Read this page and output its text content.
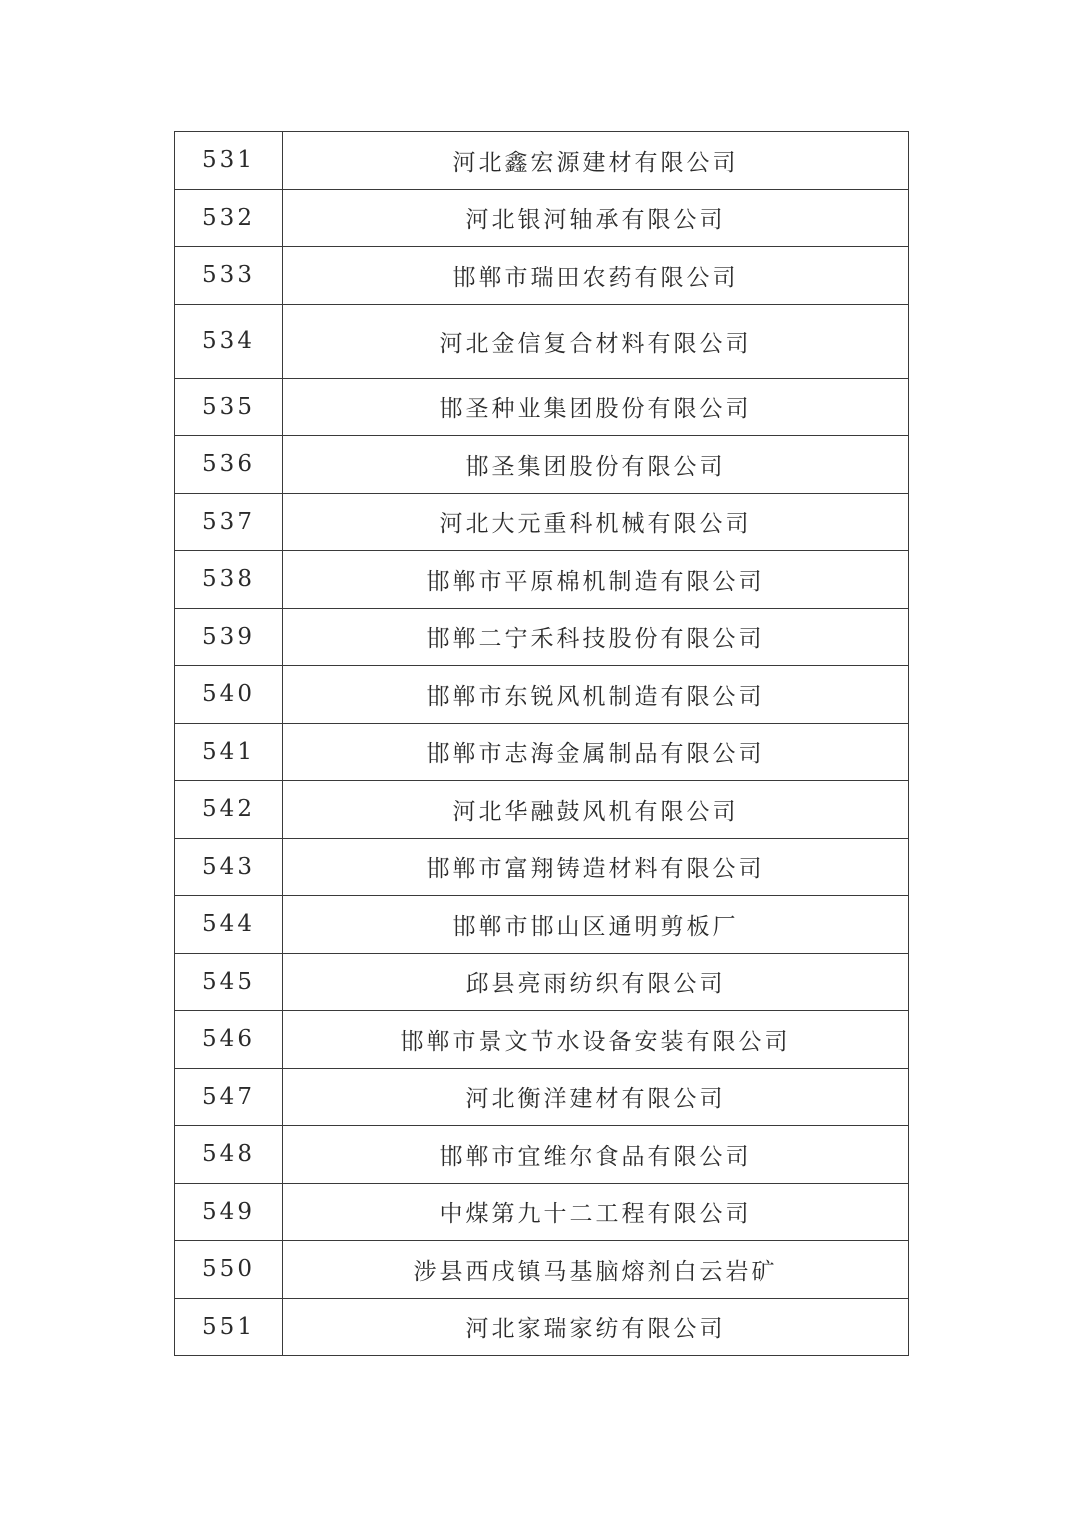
531	河北鑫宏源建材有限公司
532	河北银河轴承有限公司
533	邯郸市瑞田农药有限公司
534	河北金信复合材料有限公司
535	邯圣种业集团股份有限公司
536	邯圣集团股份有限公司
537	河北大元重科机械有限公司
538	邯郸市平原棉机制造有限公司
539	邯郸二宁禾科技股份有限公司
540	邯郸市东锐风机制造有限公司
541	邯郸市志海金属制品有限公司
542	河北华融鼓风机有限公司
543	邯郸市富翔铸造材料有限公司
544	邯郸市邯山区通明剪板厂
545	邱县亮雨纺织有限公司
546	邯郸市景文节水设备安装有限公司
547	河北衡洋建材有限公司
548	邯郸市宜维尔食品有限公司
549	中煤第九十二工程有限公司
550	涉县西戌镇马基脑熔剂白云岩矿
551	河北家瑞家纺有限公司
